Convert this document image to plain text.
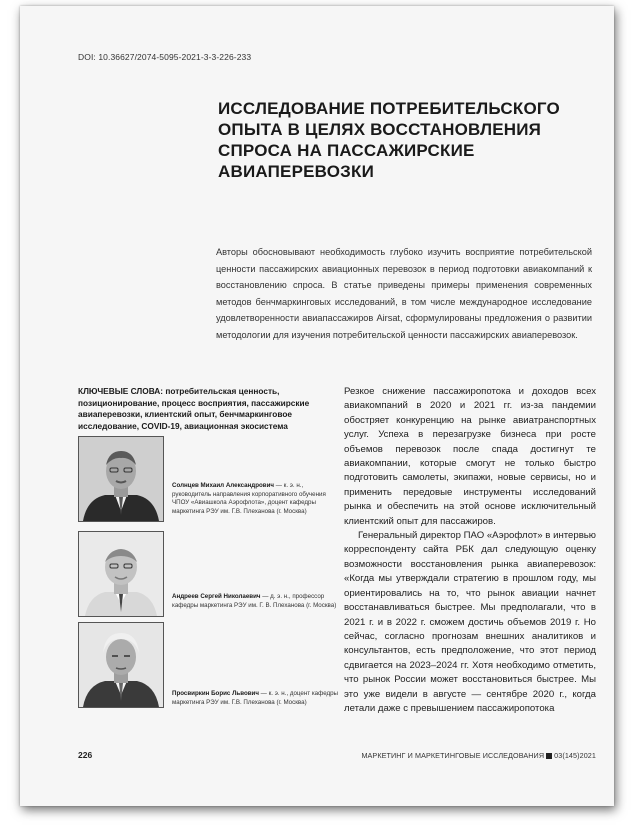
DOI: 10.36627/2074-5095-2021-3-3-226-233
ИССЛЕДОВАНИЕ ПОТРЕБИТЕЛЬСКОГО ОПЫТА В ЦЕЛЯХ ВОССТАНОВЛЕНИЯ СПРОСА НА ПАССАЖИРСКИЕ АВИАПЕРЕВОЗКИ

Авторы обосновывают необходимость глубоко изучить восприятие потребительской ценности пассажирских авиационных перевозок в период подготовки авиакомпаний к восстановлению спроса. В статье приведены примеры применения современных методов бенчмаркинговых исследований, в том числе международное исследование удовлетворенности авиапассажиров Airsat, сформулированы предложения о развитии методологии для изучения потребительской ценности пассажирских авиаперевозок.

КЛЮЧЕВЫЕ СЛОВА: потребительская ценность, позиционирование, процесс восприятия, пассажирские авиаперевозки, клиентский опыт, бенчмаркинговое исследование, COVID-19, авиационная экосистема
Солнцев Михаил Александрович — к. э. н., руководитель направления корпоративного обучения ЧПОУ «Авиашкола Аэрофлота», доцент кафедры маркетинга РЭУ им. Г.В. Плеханова (г. Москва)
Андреев Сергей Николаевич — д. э. н., профессор кафедры маркетинга РЭУ им. Г. В. Плеханова (г. Москва)
Просвиркин Борис Львович — к. э. н., доцент кафедры маркетинга РЭУ им. Г.В. Плеханова (г. Москва)

Резкое снижение пассажиропотока и доходов всех авиакомпаний в 2020 и 2021 гг. из-за пандемии обостряет конкуренцию на рынке авиатранспортных услуг. Успеха в перезагрузке бизнеса при росте объемов перевозок после спада достигнут те авиакомпании, которые смогут не только быстро подготовить самолеты, экипажи, новые сервисы, но и применить передовые инструменты исследований рынка и обеспечить на этой основе исключительный клиентский опыт для пассажиров.

Генеральный директор ПАО «Аэрофлот» в интервью корреспонденту сайта РБК дал следующую оценку возможности восстановления рынка авиаперевозок: «Когда мы утверждали стратегию в прошлом году, мы ориентировались на то, что рынок авиации начнет восстанавливаться быстрее. Мы предполагали, что в 2021 г. и в 2022 г. сможем достичь объемов 2019 г. Но сейчас, согласно прогнозам внешних аналитиков и консультантов, есть предположение, что этот период сдвигается на 2023–2024 гг. Хотя необходимо отметить, что рынок России может восстановиться быстрее. Мы это уже видели в августе — сентябре 2020 г., когда летали даже с превышением пассажиропотока

226	МАРКЕТИНГ И МАРКЕТИНГОВЫЕ ИССЛЕДОВАНИЯ 03(145)2021
